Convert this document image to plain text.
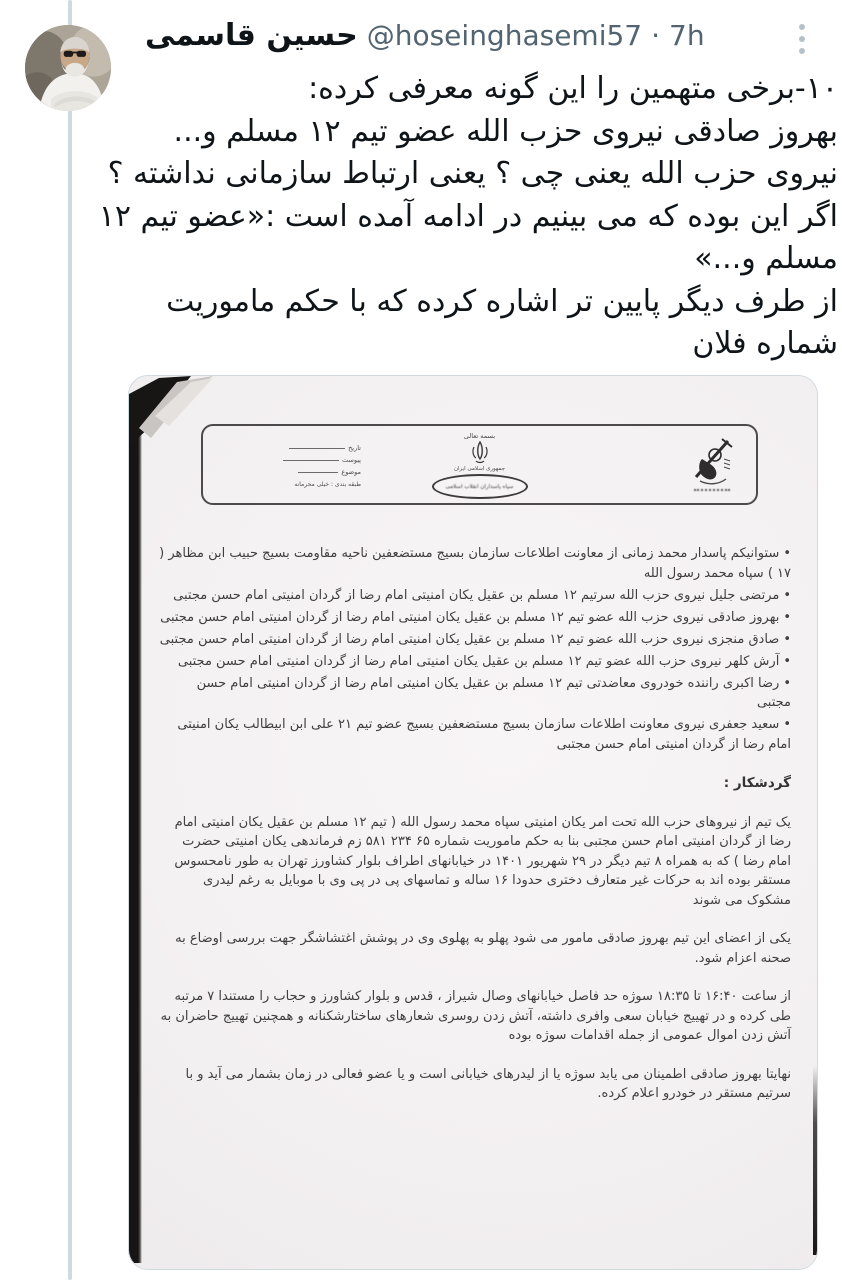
حسین قاسمی @hoseinghasemi57 · 7h
۱۰-برخی متهمین را این گونه معرفی کرده:
بهروز صادقی نیروی حزب الله عضو تیم ۱۲ مسلم و...
نیروی حزب الله یعنی چی ؟ یعنی ارتباط سازمانی نداشته ؟
اگر این بوده که می بینیم در ادامه آمده است :«عضو تیم ۱۲
مسلم و...»
از طرف دیگر پایین تر اشاره کرده که با حکم ماموریت
شماره فلان
تاریخ
پیوست
موضوع
طبقه بندی : خیلی محرمانه
بسمه تعالی
جمهوری اسلامی ایران
سپاه پاسداران انقلاب اسلامی
•ستوانیکم پاسدار محمد زمانی از معاونت اطلاعات سازمان بسیج مستضعفین ناحیه مقاومت بسیج حبیب ابن مظاهر ( ۱۷ ) سپاه محمد رسول الله
•مرتضی جلیل نیروی حزب الله سرتیم ۱۲ مسلم بن عقیل یکان امنیتی امام رضا از گردان امنیتی امام حسن مجتبی
•بهروز صادقی نیروی حزب الله عضو تیم ۱۲ مسلم بن عقیل یکان امنیتی امام رضا از گردان امنیتی امام حسن مجتبی
•صادق منجزی نیروی حزب الله عضو تیم ۱۲ مسلم بن عقیل یکان امنیتی امام رضا از گردان امنیتی امام حسن مجتبی
•آرش کلهر نیروی حزب الله عضو تیم ۱۲ مسلم بن عقیل یکان امنیتی امام رضا از گردان امنیتی امام حسن مجتبی
•رضا اکبری راننده خودروی معاضدتی تیم ۱۲ مسلم بن عقیل یکان امنیتی امام رضا از گردان امنیتی امام حسن مجتبی
•سعید جعفری نیروی معاونت اطلاعات سازمان بسیج مستضعفین بسیج عضو تیم ۲۱ علی ابن ابیطالب یکان امنیتی امام رضا از گردان امنیتی امام حسن مجتبی
گردشکار :

یک تیم از نیروهای حزب الله تحت امر یکان امنیتی سپاه محمد رسول الله ( تیم ۱۲ مسلم بن عقیل یکان امنیتی امام رضا از گردان امنیتی امام حسن مجتبی بنا به حکم ماموریت شماره ۶۵ ۲۳۴ ۵۸۱ زم فرماندهی یکان امنیتی حضرت امام رضا ) که به همراه ۸ تیم دیگر در ۲۹ شهریور ۱۴۰۱ در خیابانهای اطراف بلوار کشاورز تهران به طور نامحسوس مستقر بوده اند به حرکات غیر متعارف دختری حدودا ۱۶ ساله و تماسهای پی در پی وی با موبایل به رغم لیدری مشکوک می شوند

یکی از اعضای این تیم بهروز صادقی مامور می شود پهلو به پهلوی وی در پوشش اغتشاشگر جهت بررسی اوضاع به صحنه اعزام شود.

از ساعت ۱۶:۴۰ تا ۱۸:۳۵ سوژه حد فاصل خیابانهای وصال شیراز ، قدس و بلوار کشاورز و حجاب را مستندا ۷ مرتبه طی کرده و در تهییج خیابان سعی وافری داشته، آتش زدن روسری شعارهای ساختارشکنانه و همچنین تهییج حاضران به آتش زدن اموال عمومی از جمله اقدامات سوژه بوده

نهایتا بهروز صادقی اطمینان می یابد سوژه یا از لیدرهای خیابانی است و یا عضو فعالی در زمان بشمار می آید و با سرتیم مستقر در خودرو اعلام کرده.
